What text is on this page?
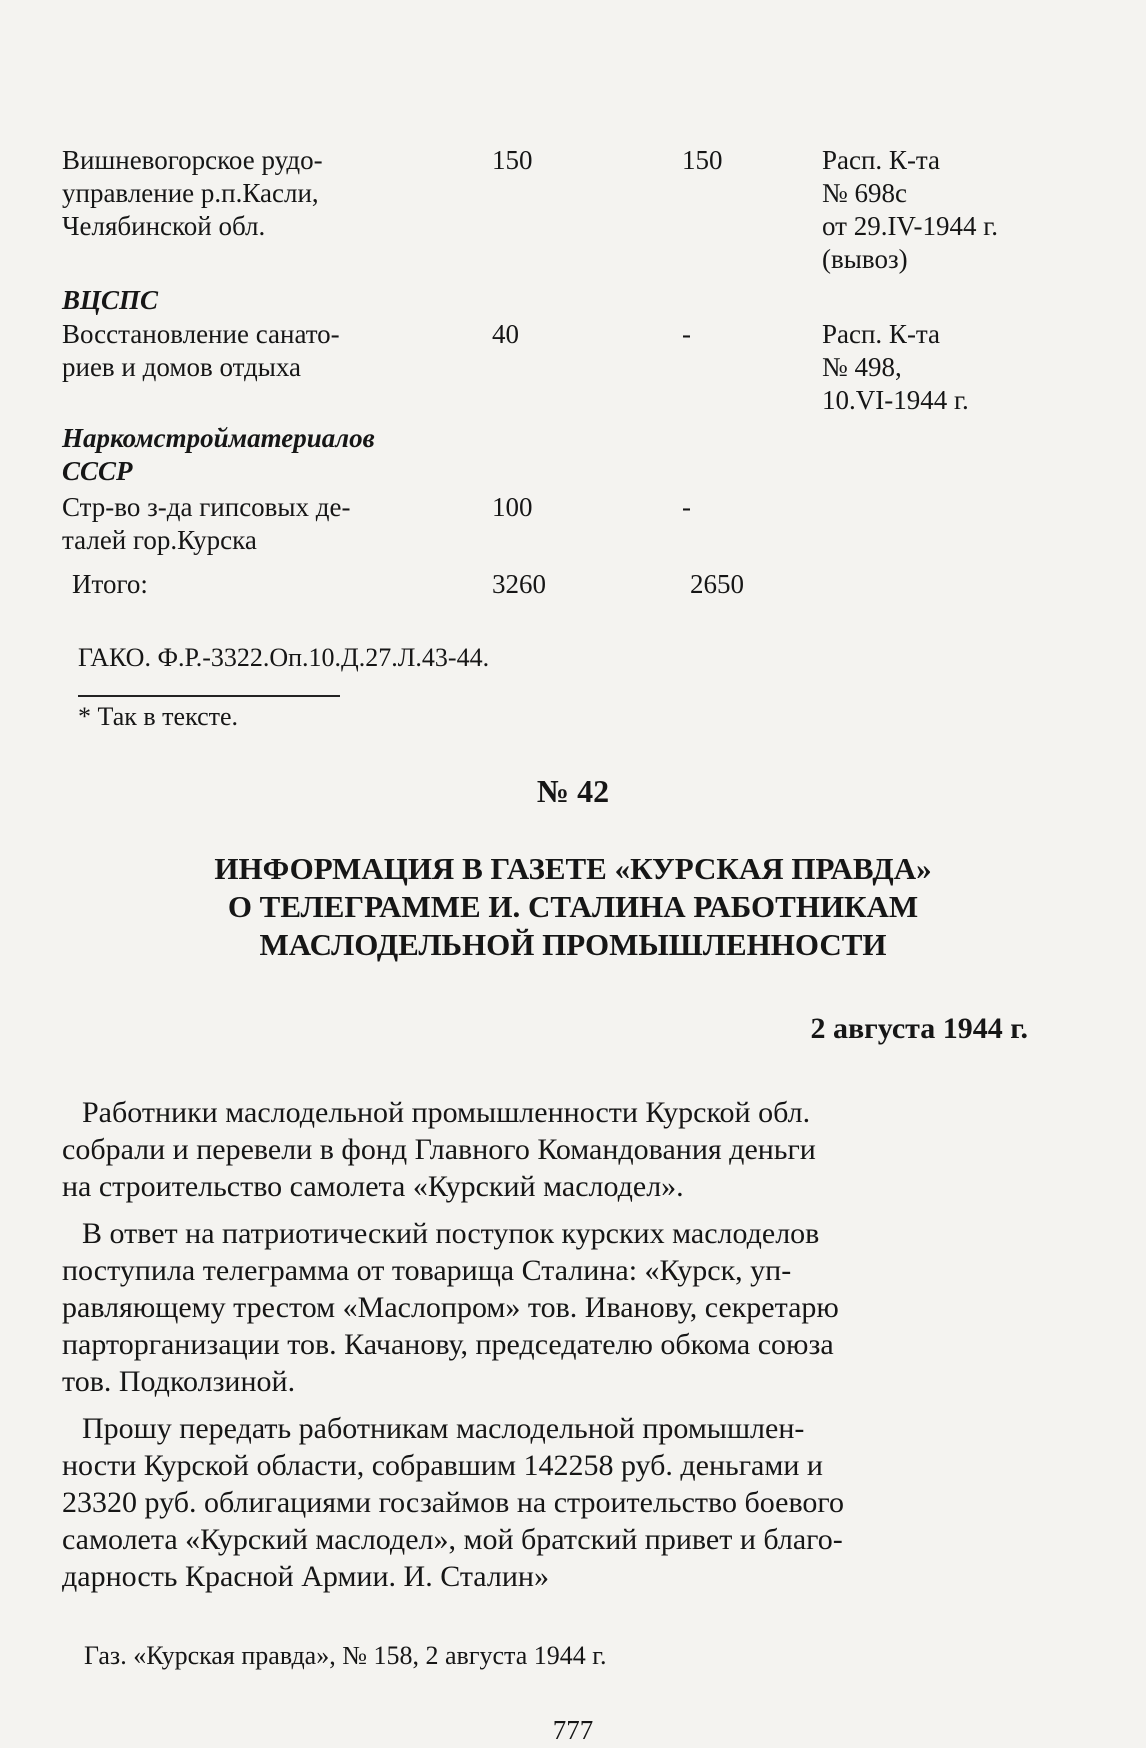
Вишневогорское рудо-
управление р.п.Касли,
Челябинской обл.
150	150	Расп. К-та
№ 698с
от 29.IV-1944 г.
(вывоз)
ВЦСПС
Восстановление санато-
риев и домов отдыха
40	-	Расп. К-та
№ 498,
10.VI-1944 г.
Наркомстройматериалов
СССР
Стр-во з-да гипсовых де-
талей гор.Курска
100	-
Итого:	3260	2650
ГАКО. Ф.Р.-3322.Оп.10.Д.27.Л.43-44.
* Так в тексте.
№ 42
ИНФОРМАЦИЯ В ГАЗЕТЕ «КУРСКАЯ ПРАВДА»
О ТЕЛЕГРАММЕ И. СТАЛИНА РАБОТНИКАМ
МАСЛОДЕЛЬНОЙ ПРОМЫШЛЕННОСТИ
2 августа 1944 г.
Работники маслодельной промышленности Курской обл.
собрали и перевели в фонд Главного Командования деньги
на строительство самолета «Курский маслодел».
В ответ на патриотический поступок курских маслоделов
поступила телеграмма от товарища Сталина: «Курск, уп-
равляющему трестом «Маслопром» тов. Иванову, секретарю
парторганизации тов. Качанову, председателю обкома союза
тов. Подколзиной.
Прошу передать работникам маслодельной промышлен-
ности Курской области, собравшим 142258 руб. деньгами и
23320 руб. облигациями госзаймов на строительство боевого
самолета «Курский маслодел», мой братский привет и благо-
дарность Красной Армии. И. Сталин»
Газ. «Курская правда», № 158, 2 августа 1944 г.
777
